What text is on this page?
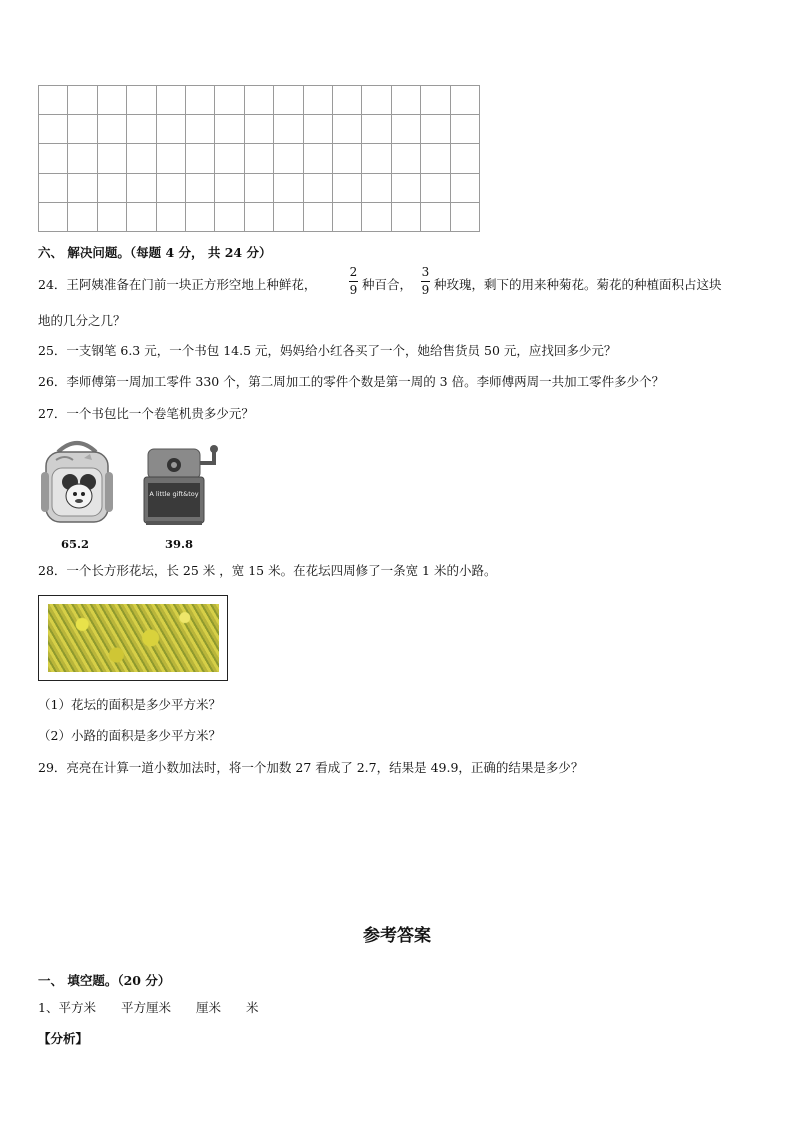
六、 解决问题。（每题 4 分， 共 24 分）
24．王阿姨准备在门前一块正方形空地上种鲜花，
2
9 种百合，
3
9 种玫瑰，剩下的用来种菊花。菊花的种植面积占这块
地的几分之几？
25．一支钢笔 6.3 元，一个书包 14.5 元，妈妈给小红各买了一个，她给售货员 50 元，应找回多少元？
26．李师傅第一周加工零件 330 个，第二周加工的零件个数是第一周的 3 倍。李师傅两周一共加工零件多少个？
27．一个书包比一个卷笔机贵多少元？
65.2
A little gift&toy
39.8
28．一个长方形花坛，长 25 米 ，宽 15 米。在花坛四周修了一条宽 1 米的小路。
（1）花坛的面积是多少平方米？
（2）小路的面积是多少平方米？
29．亮亮在计算一道小数加法时，将一个加数 27 看成了 2.7，结果是 49.9，正确的结果是多少？
参考答案
一、 填空题。（20 分）
1、平方米　　平方厘米　　厘米　　米
【分析】
